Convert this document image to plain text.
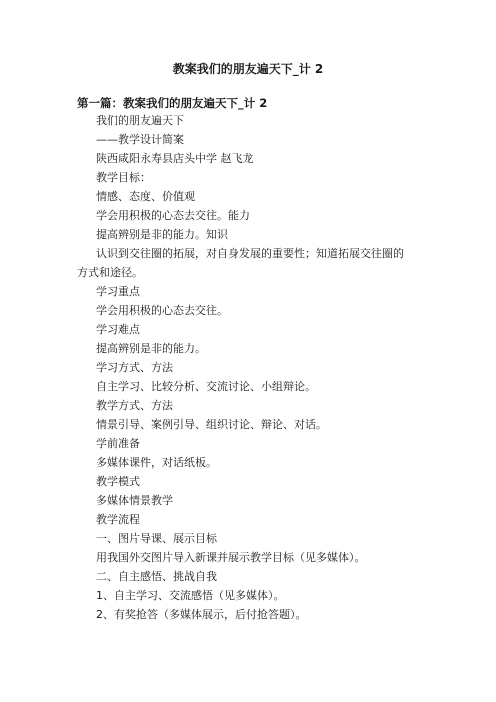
教案我们的朋友遍天下_计 2
第一篇：教案我们的朋友遍天下_计 2
我们的朋友遍天下
——教学设计简案
陕西咸阳永寿县店头中学 赵飞龙
教学目标：
情感、态度、价值观
学会用积极的心态去交往。能力
提高辨别是非的能力。知识
认识到交往圈的拓展，对自身发展的重要性；知道拓展交往圈的
方式和途径。
学习重点
学会用积极的心态去交往。
学习难点
提高辨别是非的能力。
学习方式、方法
自主学习、比较分析、交流讨论、小组辩论。
教学方式、方法
情景引导、案例引导、组织讨论、辩论、对话。
学前准备
多媒体课件，对话纸板。
教学模式
多媒体情景教学
教学流程
一、图片导课、展示目标
用我国外交图片导入新课并展示教学目标（见多媒体）。
二、自主感悟、挑战自我
1、自主学习、交流感悟（见多媒体）。
2、有奖抢答（多媒体展示，后付抢答题）。
